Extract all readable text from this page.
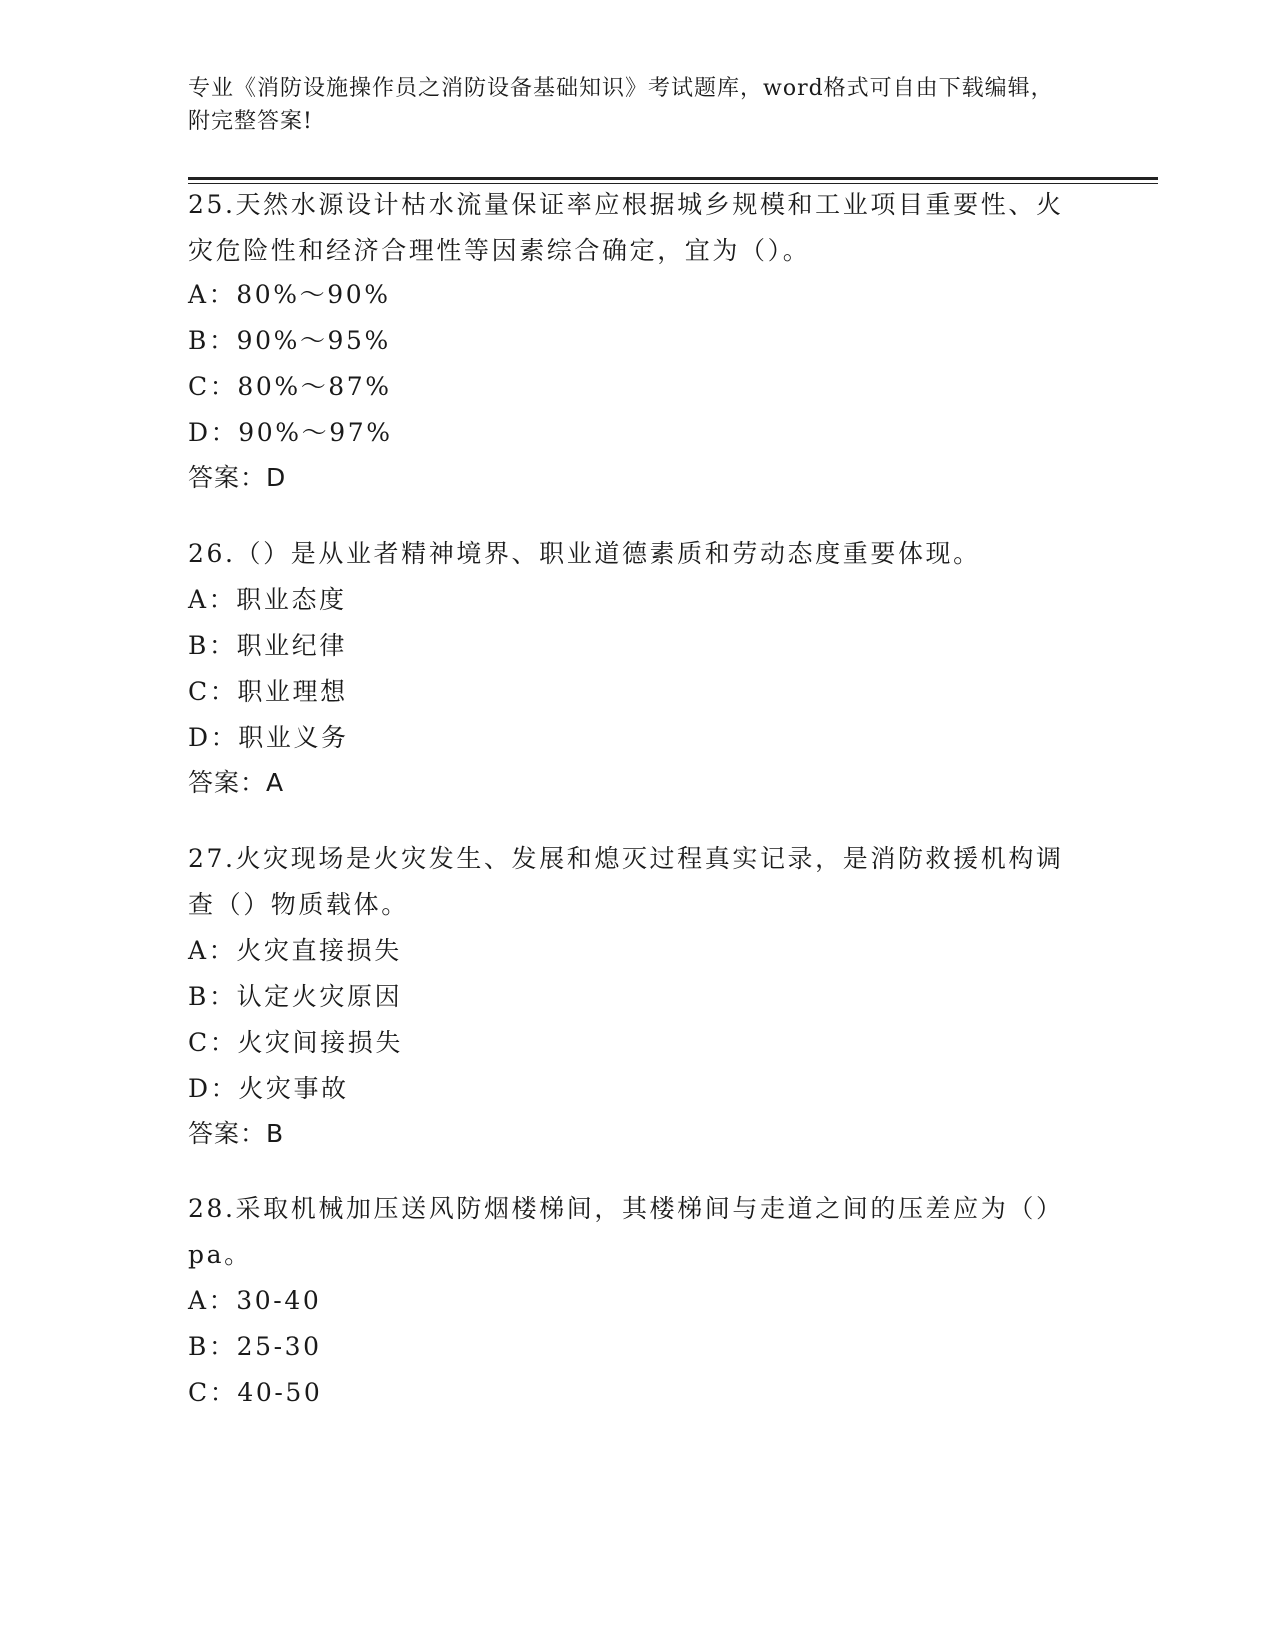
专业《消防设施操作员之消防设备基础知识》考试题库，word格式可自由下载编辑，附完整答案!
25.天然水源设计枯水流量保证率应根据城乡规模和工业项目重要性、火灾危险性和经济合理性等因素综合确定，宜为（）。
A：80%～90%
B：90%～95%
C：80%～87%
D：90%～97%
答案：D
26.（）是从业者精神境界、职业道德素质和劳动态度重要体现。
A：职业态度
B：职业纪律
C：职业理想
D：职业义务
答案：A
27.火灾现场是火灾发生、发展和熄灭过程真实记录，是消防救援机构调查（）物质载体。
A：火灾直接损失
B：认定火灾原因
C：火灾间接损失
D：火灾事故
答案：B
28.采取机械加压送风防烟楼梯间，其楼梯间与走道之间的压差应为（）pa。
A：30-40
B：25-30
C：40-50
